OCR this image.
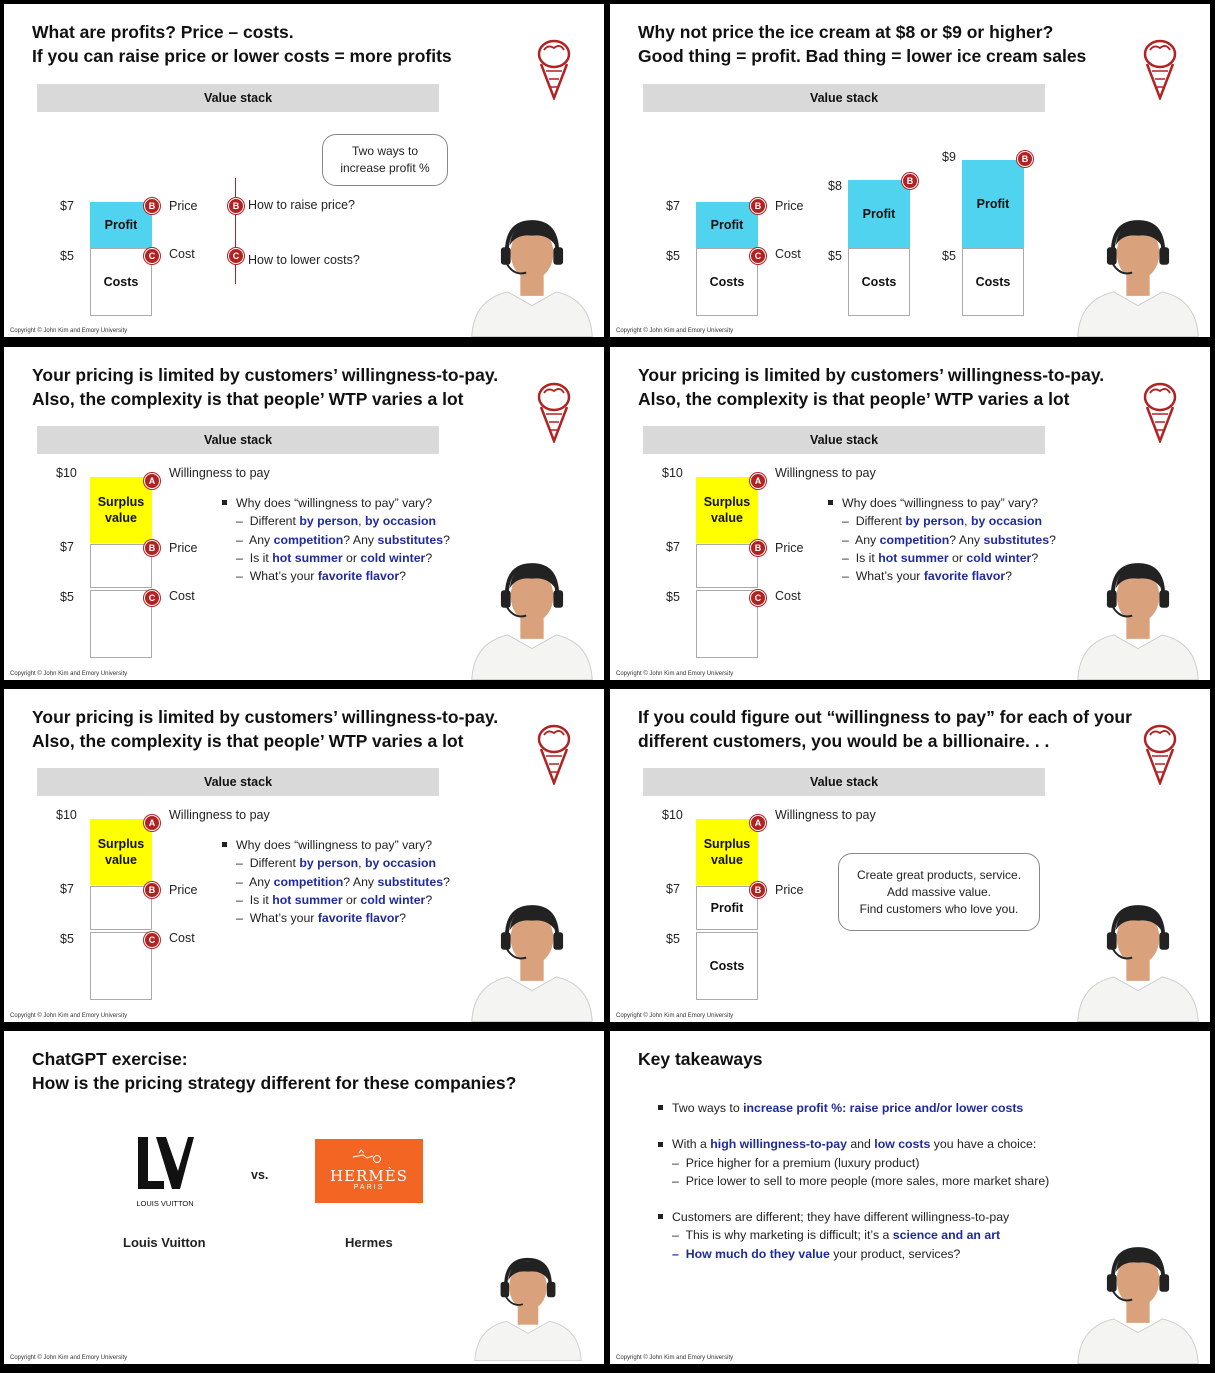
What are profits? Price – costs.
If you can raise price or lower costs = more profits
Value stack
$7
$5
Profit
Costs
B
C
Price
Cost
B
C
How to raise price?
How to lower costs?
Two ways to
increase profit %
Copyright © John Kim and Emory University
Why not price the ice cream at $8 or $9 or higher?
Good thing = profit. Bad thing = lower ice cream sales
Value stack
$7
$5
Profit
Costs
B
C
Price
Cost
$8
$5
Profit
Costs
B
$9
$5
Profit
Costs
B
Copyright © John Kim and Emory University
Your pricing is limited by customers’ willingness-to-pay.
Also, the complexity is that people’ WTP varies a lot
Value stack
$10
$7
$5
Surplus
value
A
B
C
Willingness to pay
Price
Cost
Why does “willingness to pay” vary?
– Different by person, by occasion
– Any competition? Any substitutes?
– Is it hot summer or cold winter?
– What’s your favorite flavor?
Copyright © John Kim and Emory University
Your pricing is limited by customers’ willingness-to-pay.
Also, the complexity is that people’ WTP varies a lot
Value stack
$10
$7
$5
Surplus
value
A
B
C
Willingness to pay
Price
Cost
Why does “willingness to pay” vary?
– Different by person, by occasion
– Any competition? Any substitutes?
– Is it hot summer or cold winter?
– What’s your favorite flavor?
Copyright © John Kim and Emory University
Your pricing is limited by customers’ willingness-to-pay.
Also, the complexity is that people’ WTP varies a lot
Value stack
$10
$7
$5
Surplus
value
A
B
C
Willingness to pay
Price
Cost
Why does “willingness to pay” vary?
– Different by person, by occasion
– Any competition? Any substitutes?
– Is it hot summer or cold winter?
– What’s your favorite flavor?
Copyright © John Kim and Emory University
If you could figure out “willingness to pay” for each of your
different customers, you would be a billionaire. . .
Value stack
$10
$7
$5
Surplus
value
Profit
Costs
A
B
Willingness to pay
Price
Create great products, service.
Add massive value.
Find customers who love you.
Copyright © John Kim and Emory University
ChatGPT exercise:
How is the pricing strategy different for these companies?
LOUIS VUITTON
vs.	HERMÈS
PARIS
Louis Vuitton	Hermes
Copyright © John Kim and Emory University
Key takeaways
Two ways to increase profit %: raise price and/or lower costs
With a high willingness-to-pay and low costs you have a choice:
– Price higher for a premium (luxury product)
– Price lower to sell to more people (more sales, more market share)
Customers are different; they have different willingness-to-pay
– This is why marketing is difficult; it’s a science and an art
– How much do they value your product, services?
Copyright © John Kim and Emory University
